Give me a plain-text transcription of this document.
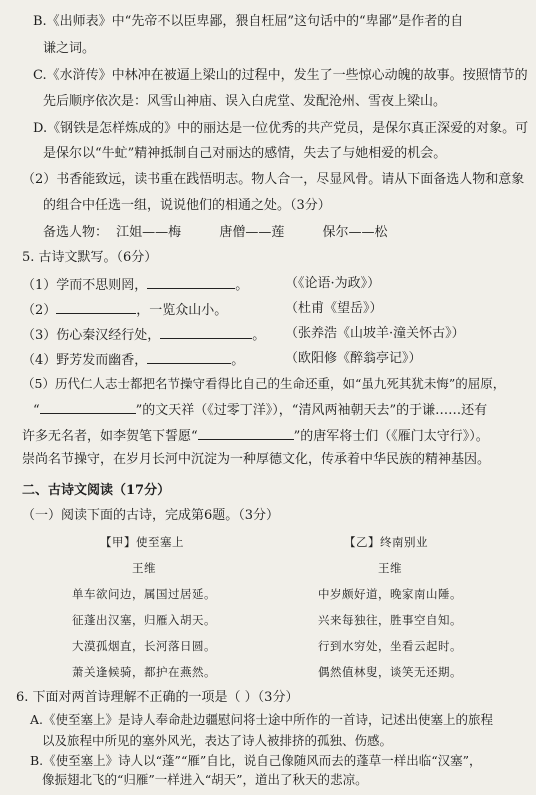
B.《出师表》中“先帝不以臣卑鄙，猥自枉屈”这句话中的“卑鄙”是作者的自
谦之词。
C.《水浒传》中林冲在被逼上梁山的过程中，发生了一些惊心动魄的故事。按照情节的
先后顺序依次是：风雪山神庙、误入白虎堂、发配沧州、雪夜上梁山。
D.《钢铁是怎样炼成的》中的丽达是一位优秀的共产党员，是保尔真正深爱的对象。可
是保尔以“牛虻”精神抵制自己对丽达的感情，失去了与她相爱的机会。
（2）书香能致远，读书重在践悟明志。物人合一，尽显风骨。请从下面备选人物和意象
的组合中任选一组，说说他们的相通之处。（3分）
备选人物： 江姐——梅	唐僧——莲	保尔——松
5. 古诗文默写。（6分）
（1）学而不思则罔，	。	（《论语·为政》）
（2）	，一览众山小。	（杜甫《望岳》）
（3）伤心秦汉经行处，	。 （张养浩《山坡羊·潼关怀古》）
（4）野芳发而幽香，	。	（欧阳修《醉翁亭记》）
（5）历代仁人志士都把名节操守看得比自己的生命还重，如“虽九死其犹未悔”的屈原，
“	”的文天祥（《过零丁洋》），“清风两袖朝天去”的于谦……还有
许多无名者，如李贺笔下誓愿“	”的唐军将士们（《雁门太守行》）。
崇尚名节操守，在岁月长河中沉淀为一种厚德文化，传承着中华民族的精神基因。
二、古诗文阅读（17分）
（一）阅读下面的古诗，完成第6题。（3分）
【甲】使至塞上
王维
单车欲问边，属国过居延。
征蓬出汉塞，归雁入胡天。
大漠孤烟直，长河落日圆。
萧关逢候骑，都护在燕然。
【乙】终南别业
王维
中岁颇好道，晚家南山陲。
兴来每独往，胜事空自知。
行到水穷处，坐看云起时。
偶然值林叟，谈笑无还期。
6. 下面对两首诗理解不正确的一项是（ ）（3分）
A.《使至塞上》是诗人奉命赴边疆慰问将士途中所作的一首诗，记述出使塞上的旅程
以及旅程中所见的塞外风光，表达了诗人被排挤的孤独、伤感。
B.《使至塞上》诗人以“蓬”“雁”自比，说自己像随风而去的蓬草一样出临“汉塞”，
像振翅北飞的“归雁”一样进入“胡天”，道出了秋天的悲凉。
